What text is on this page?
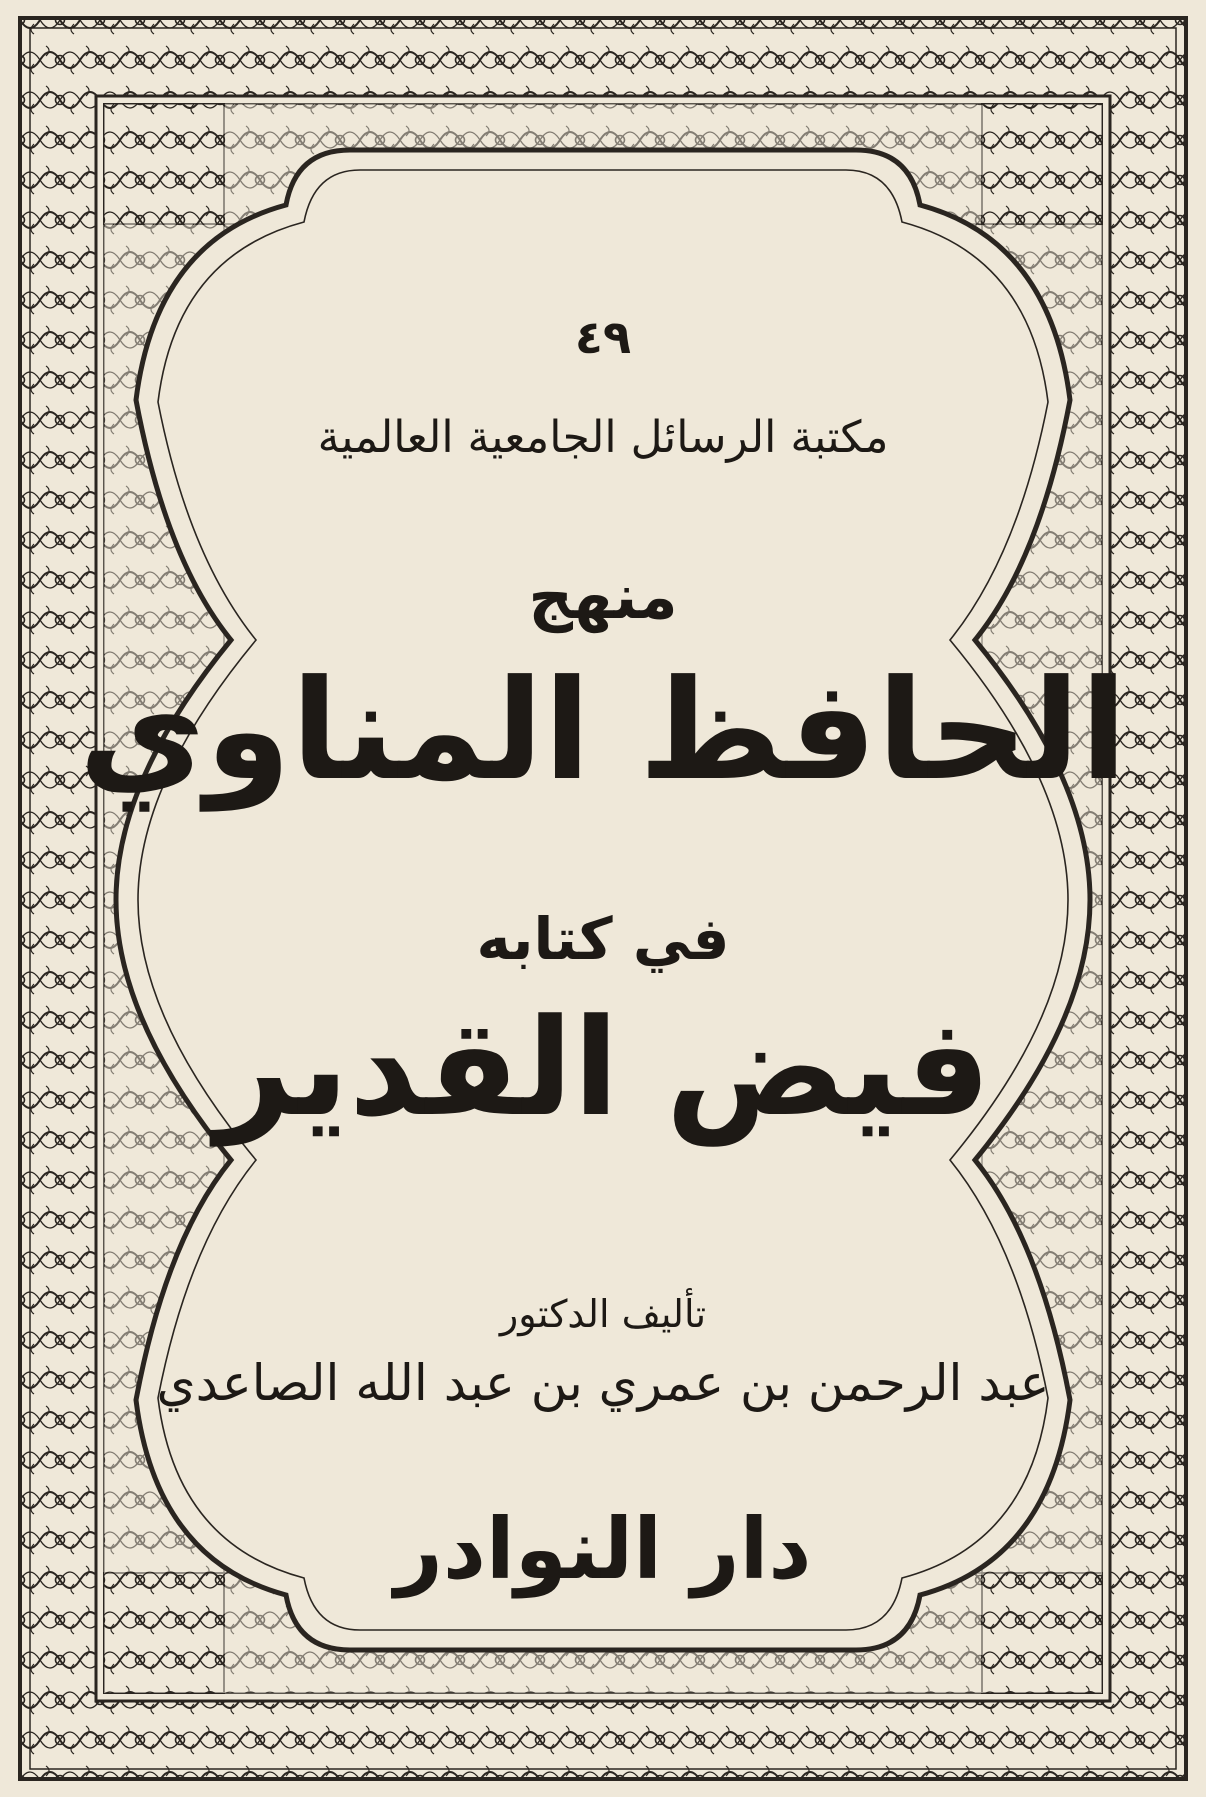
٤٩
مكتبة الرسائل الجامعية العالمية
منهج
الحافظ المناوي
في كتابه
فيض القدير
تأليف الدكتور
عبد الرحمن بن عمري بن عبد الله الصاعدي
دار النوادر
